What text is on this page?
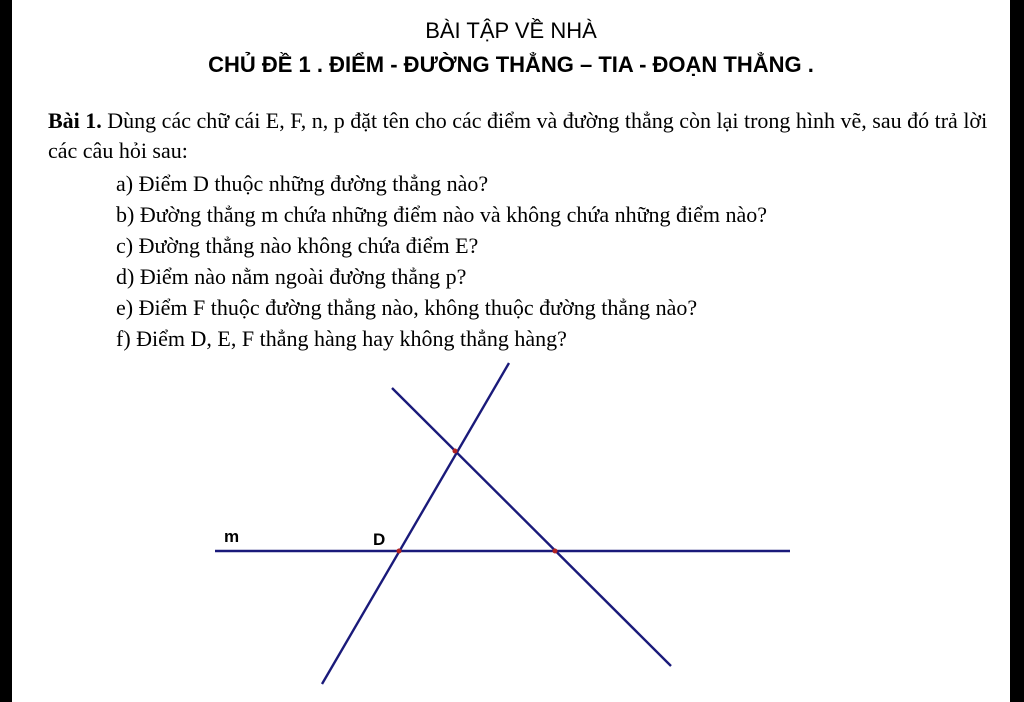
BÀI TẬP VỀ NHÀ
CHỦ ĐỀ 1 . ĐIỂM - ĐƯỜNG THẲNG – TIA - ĐOẠN THẲNG .
Bài 1. Dùng các chữ cái E, F, n, p đặt tên cho các điểm và đường thẳng còn lại trong hình vẽ, sau đó trả lời các câu hỏi sau:
a) Điểm D thuộc những đường thẳng nào?
b) Đường thẳng m chứa những điểm nào và không chứa những điểm nào?
c) Đường thẳng nào không chứa điểm E?
d) Điểm nào nằm ngoài đường thẳng p?
e) Điểm F thuộc đường thẳng nào, không thuộc đường thẳng nào?
f) Điểm D, E, F thẳng hàng hay không thẳng hàng?
m	D
